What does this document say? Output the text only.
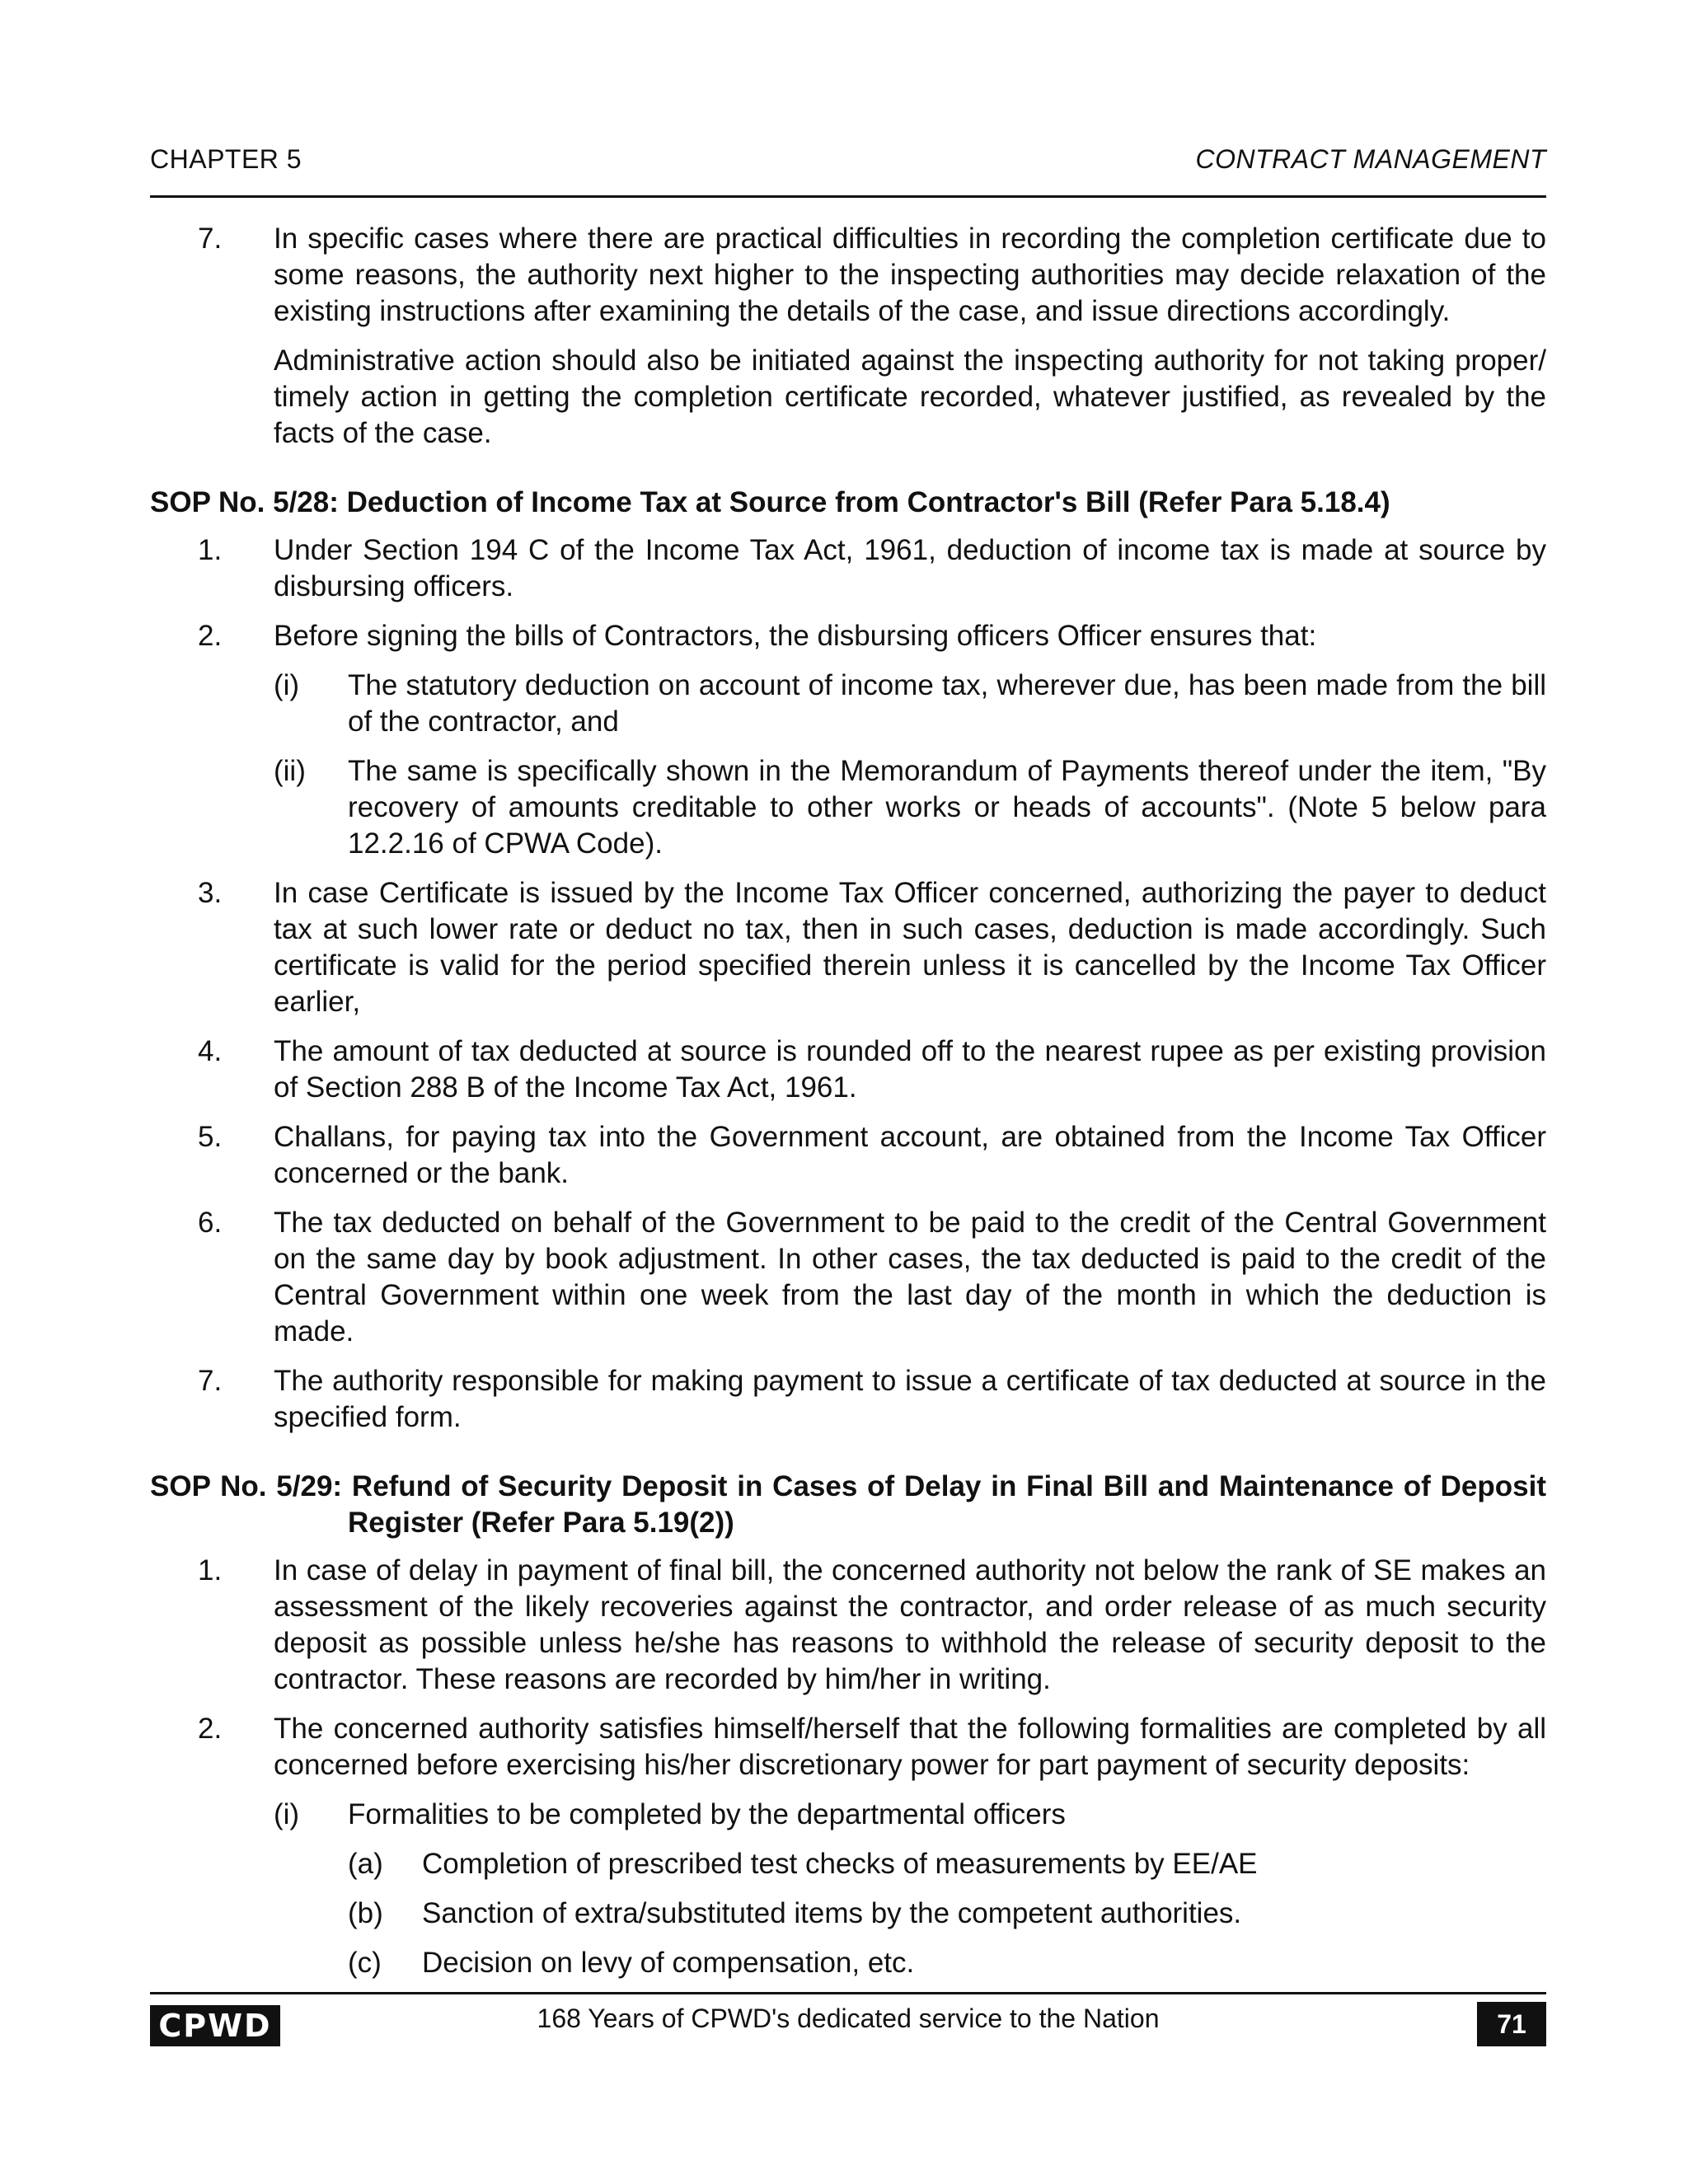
CHAPTER 5	CONTRACT MANAGEMENT
7. In specific cases where there are practical difficulties in recording the completion certificate due to some reasons, the authority next higher to the inspecting authorities may decide relaxation of the existing instructions after examining the details of the case, and issue directions accordingly.
Administrative action should also be initiated against the inspecting authority for not taking proper/ timely action in getting the completion certificate recorded, whatever justified, as revealed by the facts of the case.
SOP No. 5/28: Deduction of Income Tax at Source from Contractor's Bill (Refer Para 5.18.4)
1. Under Section 194 C of the Income Tax Act, 1961, deduction of income tax is made at source by disbursing officers.
2. Before signing the bills of Contractors, the disbursing officers Officer ensures that:
(i) The statutory deduction on account of income tax, wherever due, has been made from the bill of the contractor, and
(ii) The same is specifically shown in the Memorandum of Payments thereof under the item, "By recovery of amounts creditable to other works or heads of accounts". (Note 5 below para 12.2.16 of CPWA Code).
3. In case Certificate is issued by the Income Tax Officer concerned, authorizing the payer to deduct tax at such lower rate or deduct no tax, then in such cases, deduction is made accordingly. Such certificate is valid for the period specified therein unless it is cancelled by the Income Tax Officer earlier,
4. The amount of tax deducted at source is rounded off to the nearest rupee as per existing provision of Section 288 B of the Income Tax Act, 1961.
5. Challans, for paying tax into the Government account, are obtained from the Income Tax Officer concerned or the bank.
6. The tax deducted on behalf of the Government to be paid to the credit of the Central Government on the same day by book adjustment. In other cases, the tax deducted is paid to the credit of the Central Government within one week from the last day of the month in which the deduction is made.
7. The authority responsible for making payment to issue a certificate of tax deducted at source in the specified form.
SOP No. 5/29: Refund of Security Deposit in Cases of Delay in Final Bill and Maintenance of Deposit Register (Refer Para 5.19(2))
1. In case of delay in payment of final bill, the concerned authority not below the rank of SE makes an assessment of the likely recoveries against the contractor, and order release of as much security deposit as possible unless he/she has reasons to withhold the release of security deposit to the contractor. These reasons are recorded by him/her in writing.
2. The concerned authority satisfies himself/herself that the following formalities are completed by all concerned before exercising his/her discretionary power for part payment of security deposits:
(i) Formalities to be completed by the departmental officers
(a) Completion of prescribed test checks of measurements by EE/AE
(b) Sanction of extra/substituted items by the competent authorities.
(c) Decision on levy of compensation, etc.
CPWD	168 Years of CPWD's dedicated service to the Nation	71
